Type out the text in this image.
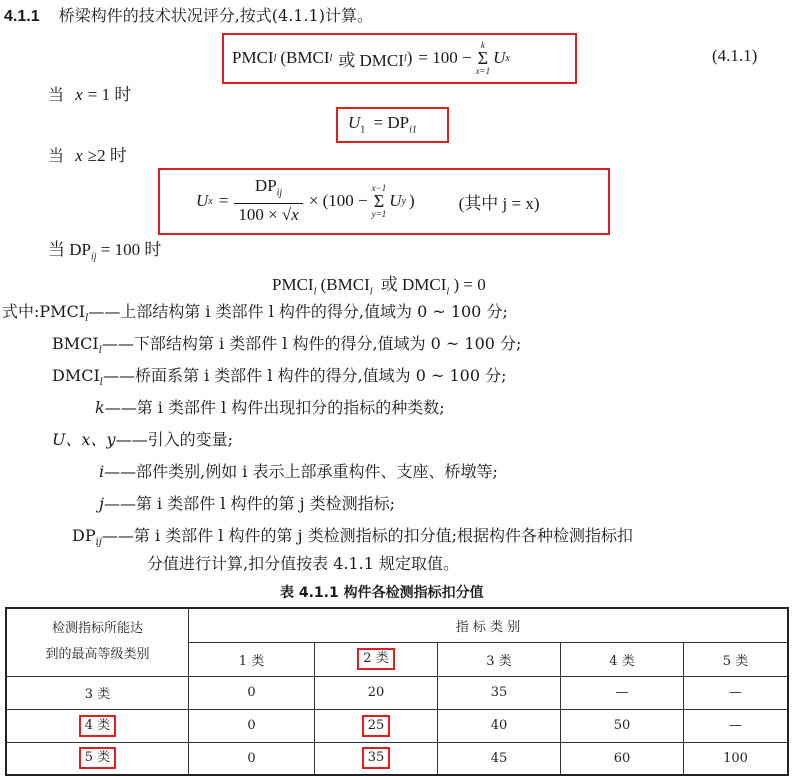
4.1.1 桥梁构件的技术状况评分,按式(4.1.1)计算。
PMCI l (BMCI l 或 DMCI l ) = 100 −
k
Σ
x=1
U x	(4.1.1)
当 x = 1 时
$U_1 = DP_{i1}$
当 x ≥2 时
U $x = \frac{DP_{ij}}{100 \times √x} \times (100$ −
x−1
Σ
y=1
U y )	(其中 j = x)
当 $DP_{ij} = 100$ 时
$PMCI_l$ ($BMCI_l$ 或 $DMCI_l$ ) = 0
式中$:PMCI_l——$上部结构第 i 类部件 l 构件的得分,值域为 0 ~ 100 分;
$BMCI_l——$下部结构第 i 类部件 l 构件的得分,值域为 0 ~ 100 分;
$DMCI_l——$桥面系第 i 类部件 l 构件的得分,值域为 0 ~ 100 分;
k——第 i 类部件 l 构件出现扣分的指标的种类数;
U、x、y——引入的变量;
i——部件类别,例如 i 表示上部承重构件、支座、桥墩等;
j——第 i 类部件 l 构件的第 j 类检测指标;
$DP_{ij}——$第 i 类部件 l 构件的第 j 类检测指标的扣分值;根据构件各种检测指标扣
分值进行计算,扣分值按表 4.1.1 规定取值。
表 4.1.1 构件各检测指标扣分值
检测指标所能达
到的最高等级类别	指 标 类 别				
	1 类	2 类	3 类	4 类	5 类
3 类	0	20	35	—	—
4 类	0	25	40	50	—
5 类	0	35	45	60	100
